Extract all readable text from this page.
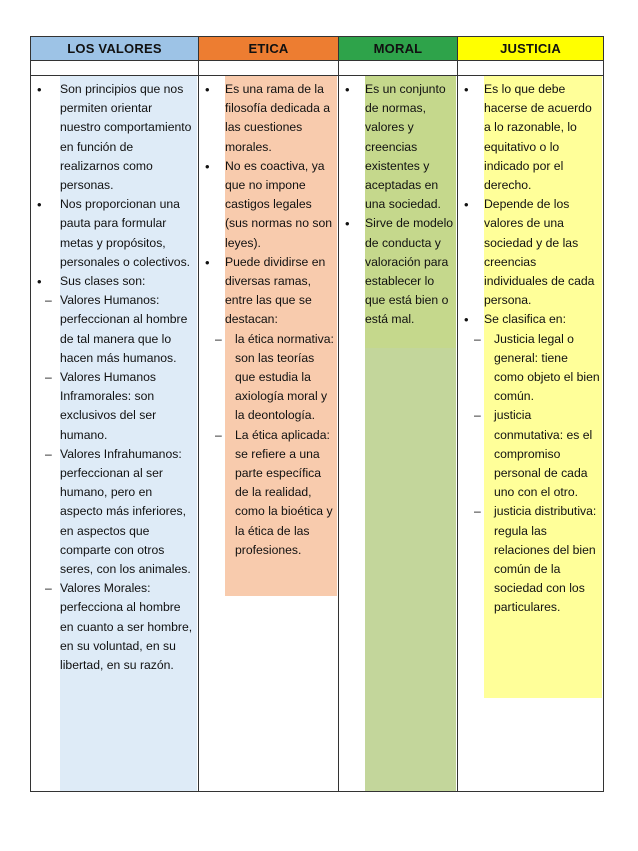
LOS VALORES
• Son principios que nos permiten orientar nuestro comportamiento en función de realizarnos como personas.
• Nos proporcionan una pauta para formular metas y propósitos, personales o colectivos.
• Sus clases son:
– Valores Humanos: perfeccionan al hombre de tal manera que lo hacen más humanos.
– Valores Humanos Inframorales: son exclusivos del ser humano.
– Valores Infrahumanos: perfeccionan al ser humano, pero en aspecto más inferiores, en aspectos que comparte con otros seres, con los animales.
– Valores Morales: perfecciona al hombre en cuanto a ser hombre, en su voluntad, en su libertad, en su razón.
ETICA
• Es una rama de la filosofía dedicada a las cuestiones morales.
• No es coactiva, ya que no impone castigos legales (sus normas no son leyes).
• Puede dividirse en diversas ramas, entre las que se destacan:
– la ética normativa: son las teorías que estudia la axiología moral y la deontología.
– La ética aplicada: se refiere a una parte específica de la realidad, como la bioética y la ética de las profesiones.
MORAL
• Es un conjunto de normas, valores y creencias existentes y aceptadas en una sociedad.
• Sirve de modelo de conducta y valoración para establecer lo que está bien o está mal.
JUSTICIA
• Es lo que debe hacerse de acuerdo a lo razonable, lo equitativo o lo indicado por el derecho.
• Depende de los valores de una sociedad y de las creencias individuales de cada persona.
• Se clasifica en:
– Justicia legal o general: tiene como objeto el bien común.
– justicia conmutativa: es el compromiso personal de cada uno con el otro.
– justicia distributiva: regula las relaciones del bien común de la sociedad con los particulares.
